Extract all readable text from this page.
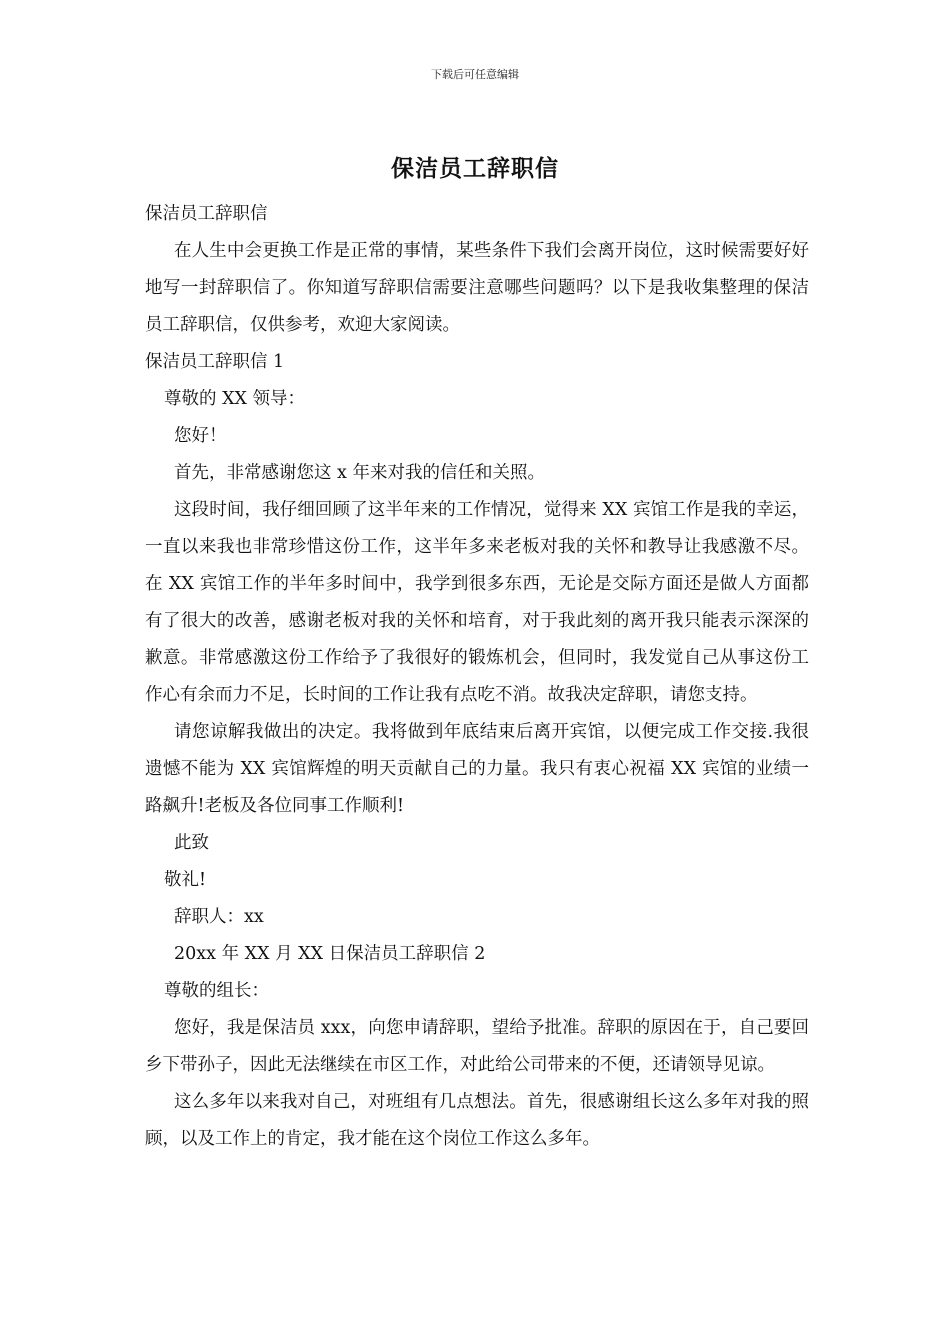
下载后可任意编辑
保洁员工辞职信

保洁员工辞职信

在人生中会更换工作是正常的事情，某些条件下我们会离开岗位，这时候需要好好地写一封辞职信了。你知道写辞职信需要注意哪些问题吗？以下是我收集整理的保洁员工辞职信，仅供参考，欢迎大家阅读。

保洁员工辞职信 1

尊敬的 XX 领导：

您好！

首先，非常感谢您这 x 年来对我的信任和关照。

这段时间，我仔细回顾了这半年来的工作情况，觉得来 XX 宾馆工作是我的幸运，一直以来我也非常珍惜这份工作，这半年多来老板对我的关怀和教导让我感激不尽。在 XX 宾馆工作的半年多时间中，我学到很多东西，无论是交际方面还是做人方面都有了很大的改善，感谢老板对我的关怀和培育，对于我此刻的离开我只能表示深深的歉意。非常感激这份工作给予了我很好的锻炼机会，但同时，我发觉自己从事这份工作心有余而力不足，长时间的工作让我有点吃不消。故我决定辞职，请您支持。

请您谅解我做出的决定。我将做到年底结束后离开宾馆，以便完成工作交接.我很遗憾不能为 XX 宾馆辉煌的明天贡献自己的力量。我只有衷心祝福 XX 宾馆的业绩一路飙升!老板及各位同事工作顺利!

此致

敬礼!

辞职人：xx

20xx 年 XX 月 XX 日保洁员工辞职信 2

尊敬的组长：

您好，我是保洁员 xxx，向您申请辞职，望给予批准。辞职的原因在于，自己要回乡下带孙子，因此无法继续在市区工作，对此给公司带来的不便，还请领导见谅。

这么多年以来我对自己，对班组有几点想法。首先，很感谢组长这么多年对我的照顾，以及工作上的肯定，我才能在这个岗位工作这么多年。
